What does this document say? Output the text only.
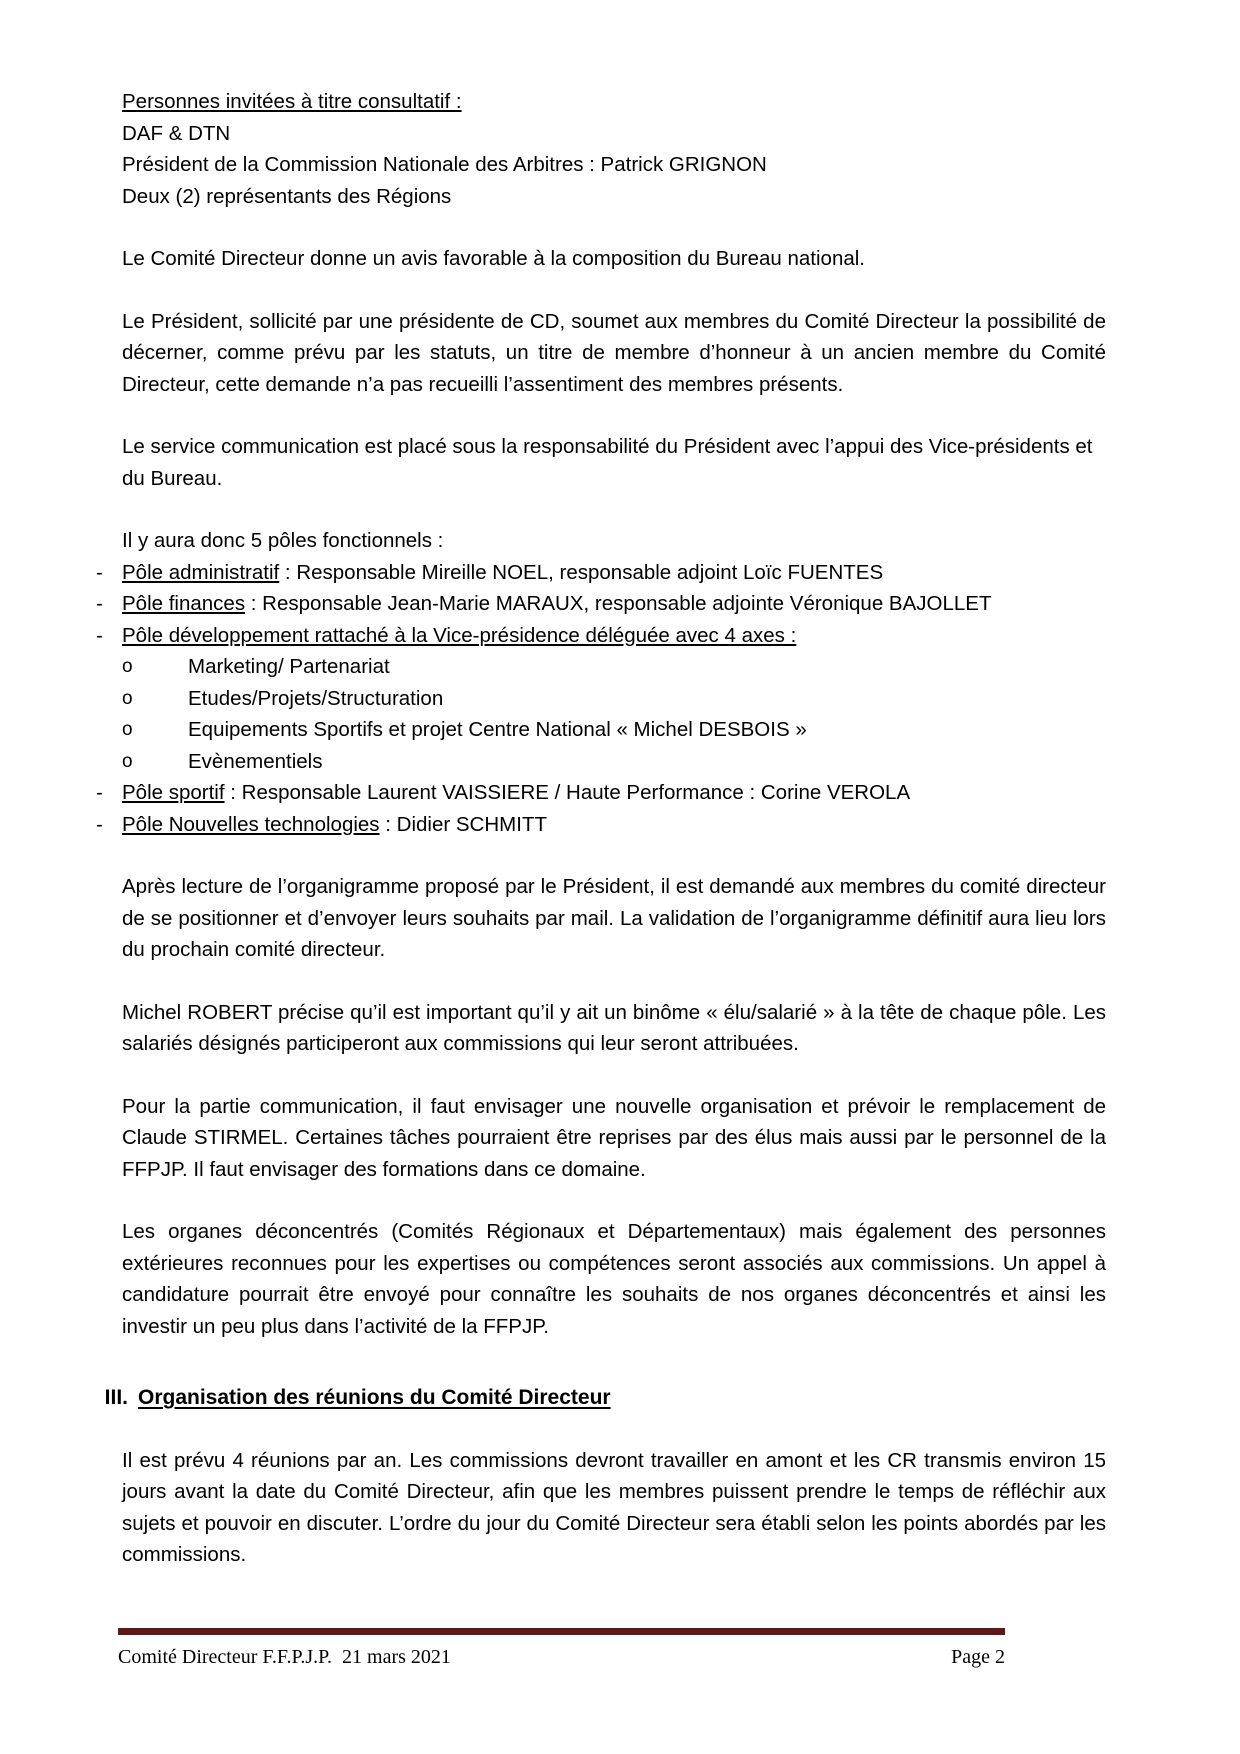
Personnes invitées à titre consultatif :
DAF & DTN
Président de la Commission Nationale des Arbitres : Patrick GRIGNON
Deux (2) représentants des Régions

Le Comité Directeur donne un avis favorable à la composition du Bureau national.

Le Président, sollicité par une présidente de CD, soumet aux membres du Comité Directeur la possibilité de décerner, comme prévu par les statuts, un titre de membre d’honneur à un ancien membre du Comité Directeur, cette demande n’a pas recueilli l’assentiment des membres présents.

Le service communication est placé sous la responsabilité du Président avec l’appui des Vice-présidents et du Bureau.

Il y aura donc 5 pôles fonctionnels :

- Pôle administratif : Responsable Mireille NOEL, responsable adjoint Loïc FUENTES
- Pôle finances : Responsable Jean-Marie MARAUX, responsable adjointe Véronique BAJOLLET
- Pôle développement rattaché à la Vice-présidence déléguée avec 4 axes :
o	Marketing/ Partenariat
o	Etudes/Projets/Structuration
o	Equipements Sportifs et projet Centre National « Michel DESBOIS »
o	Evènementiels
- Pôle sportif : Responsable Laurent VAISSIERE / Haute Performance : Corine VEROLA
- Pôle Nouvelles technologies : Didier SCHMITT

Après lecture de l’organigramme proposé par le Président, il est demandé aux membres du comité directeur de se positionner et d’envoyer leurs souhaits par mail. La validation de l’organigramme définitif aura lieu lors du prochain comité directeur.

Michel ROBERT précise qu’il est important qu’il y ait un binôme « élu/salarié » à la tête de chaque pôle. Les salariés désignés participeront aux commissions qui leur seront attribuées.

Pour la partie communication, il faut envisager une nouvelle organisation et prévoir le remplacement de Claude STIRMEL. Certaines tâches pourraient être reprises par des élus mais aussi par le personnel de la FFPJP. Il faut envisager des formations dans ce domaine.

Les organes déconcentrés (Comités Régionaux et Départementaux) mais également des personnes extérieures reconnues pour les expertises ou compétences seront associés aux commissions. Un appel à candidature pourrait être envoyé pour connaître les souhaits de nos organes déconcentrés et ainsi les investir un peu plus dans l’activité de la FFPJP.

III. Organisation des réunions du Comité Directeur

Il est prévu 4 réunions par an. Les commissions devront travailler en amont et les CR transmis environ 15 jours avant la date du Comité Directeur, afin que les membres puissent prendre le temps de réfléchir aux sujets et pouvoir en discuter. L’ordre du jour du Comité Directeur sera établi selon les points abordés par les commissions.

Comité Directeur F.F.P.J.P.  21 mars 2021	Page 2
